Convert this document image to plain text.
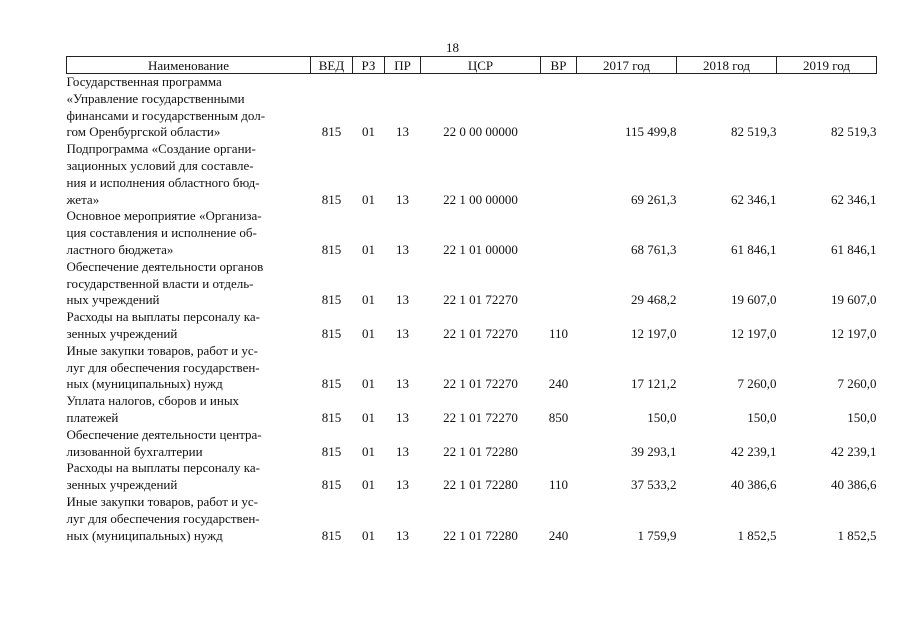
18
Наименование	ВЕД	РЗ	ПР	ЦСР	ВР	2017 год	2018 год	2019 год

Государственная программа
«Управление государственными
финансами и государственным дол-
гом Оренбургской области»	815	01	13	22 0 00 00000		115 499,8	82 519,3	82 519,3

Подпрограмма «Создание органи-
зационных условий для составле-
ния и исполнения областного бюд-
жета»	815	01	13	22 1 00 00000		69 261,3	62 346,1	62 346,1

Основное мероприятие «Организа-
ция составления и исполнение об-
ластного бюджета»	815	01	13	22 1 01 00000		68 761,3	61 846,1	61 846,1

Обеспечение деятельности органов
государственной власти и отдель-
ных учреждений	815	01	13	22 1 01 72270		29 468,2	19 607,0	19 607,0

Расходы на выплаты персоналу ка-
зенных учреждений	815	01	13	22 1 01 72270	110	12 197,0	12 197,0	12 197,0

Иные закупки товаров, работ и ус-
луг для обеспечения государствен-
ных (муниципальных) нужд	815	01	13	22 1 01 72270	240	17 121,2	7 260,0	7 260,0

Уплата налогов, сборов и иных
платежей	815	01	13	22 1 01 72270	850	150,0	150,0	150,0

Обеспечение деятельности центра-
лизованной бухгалтерии	815	01	13	22 1 01 72280		39 293,1	42 239,1	42 239,1

Расходы на выплаты персоналу ка-
зенных учреждений	815	01	13	22 1 01 72280	110	37 533,2	40 386,6	40 386,6

Иные закупки товаров, работ и ус-
луг для обеспечения государствен-
ных (муниципальных) нужд	815	01	13	22 1 01 72280	240	1 759,9	1 852,5	1 852,5
